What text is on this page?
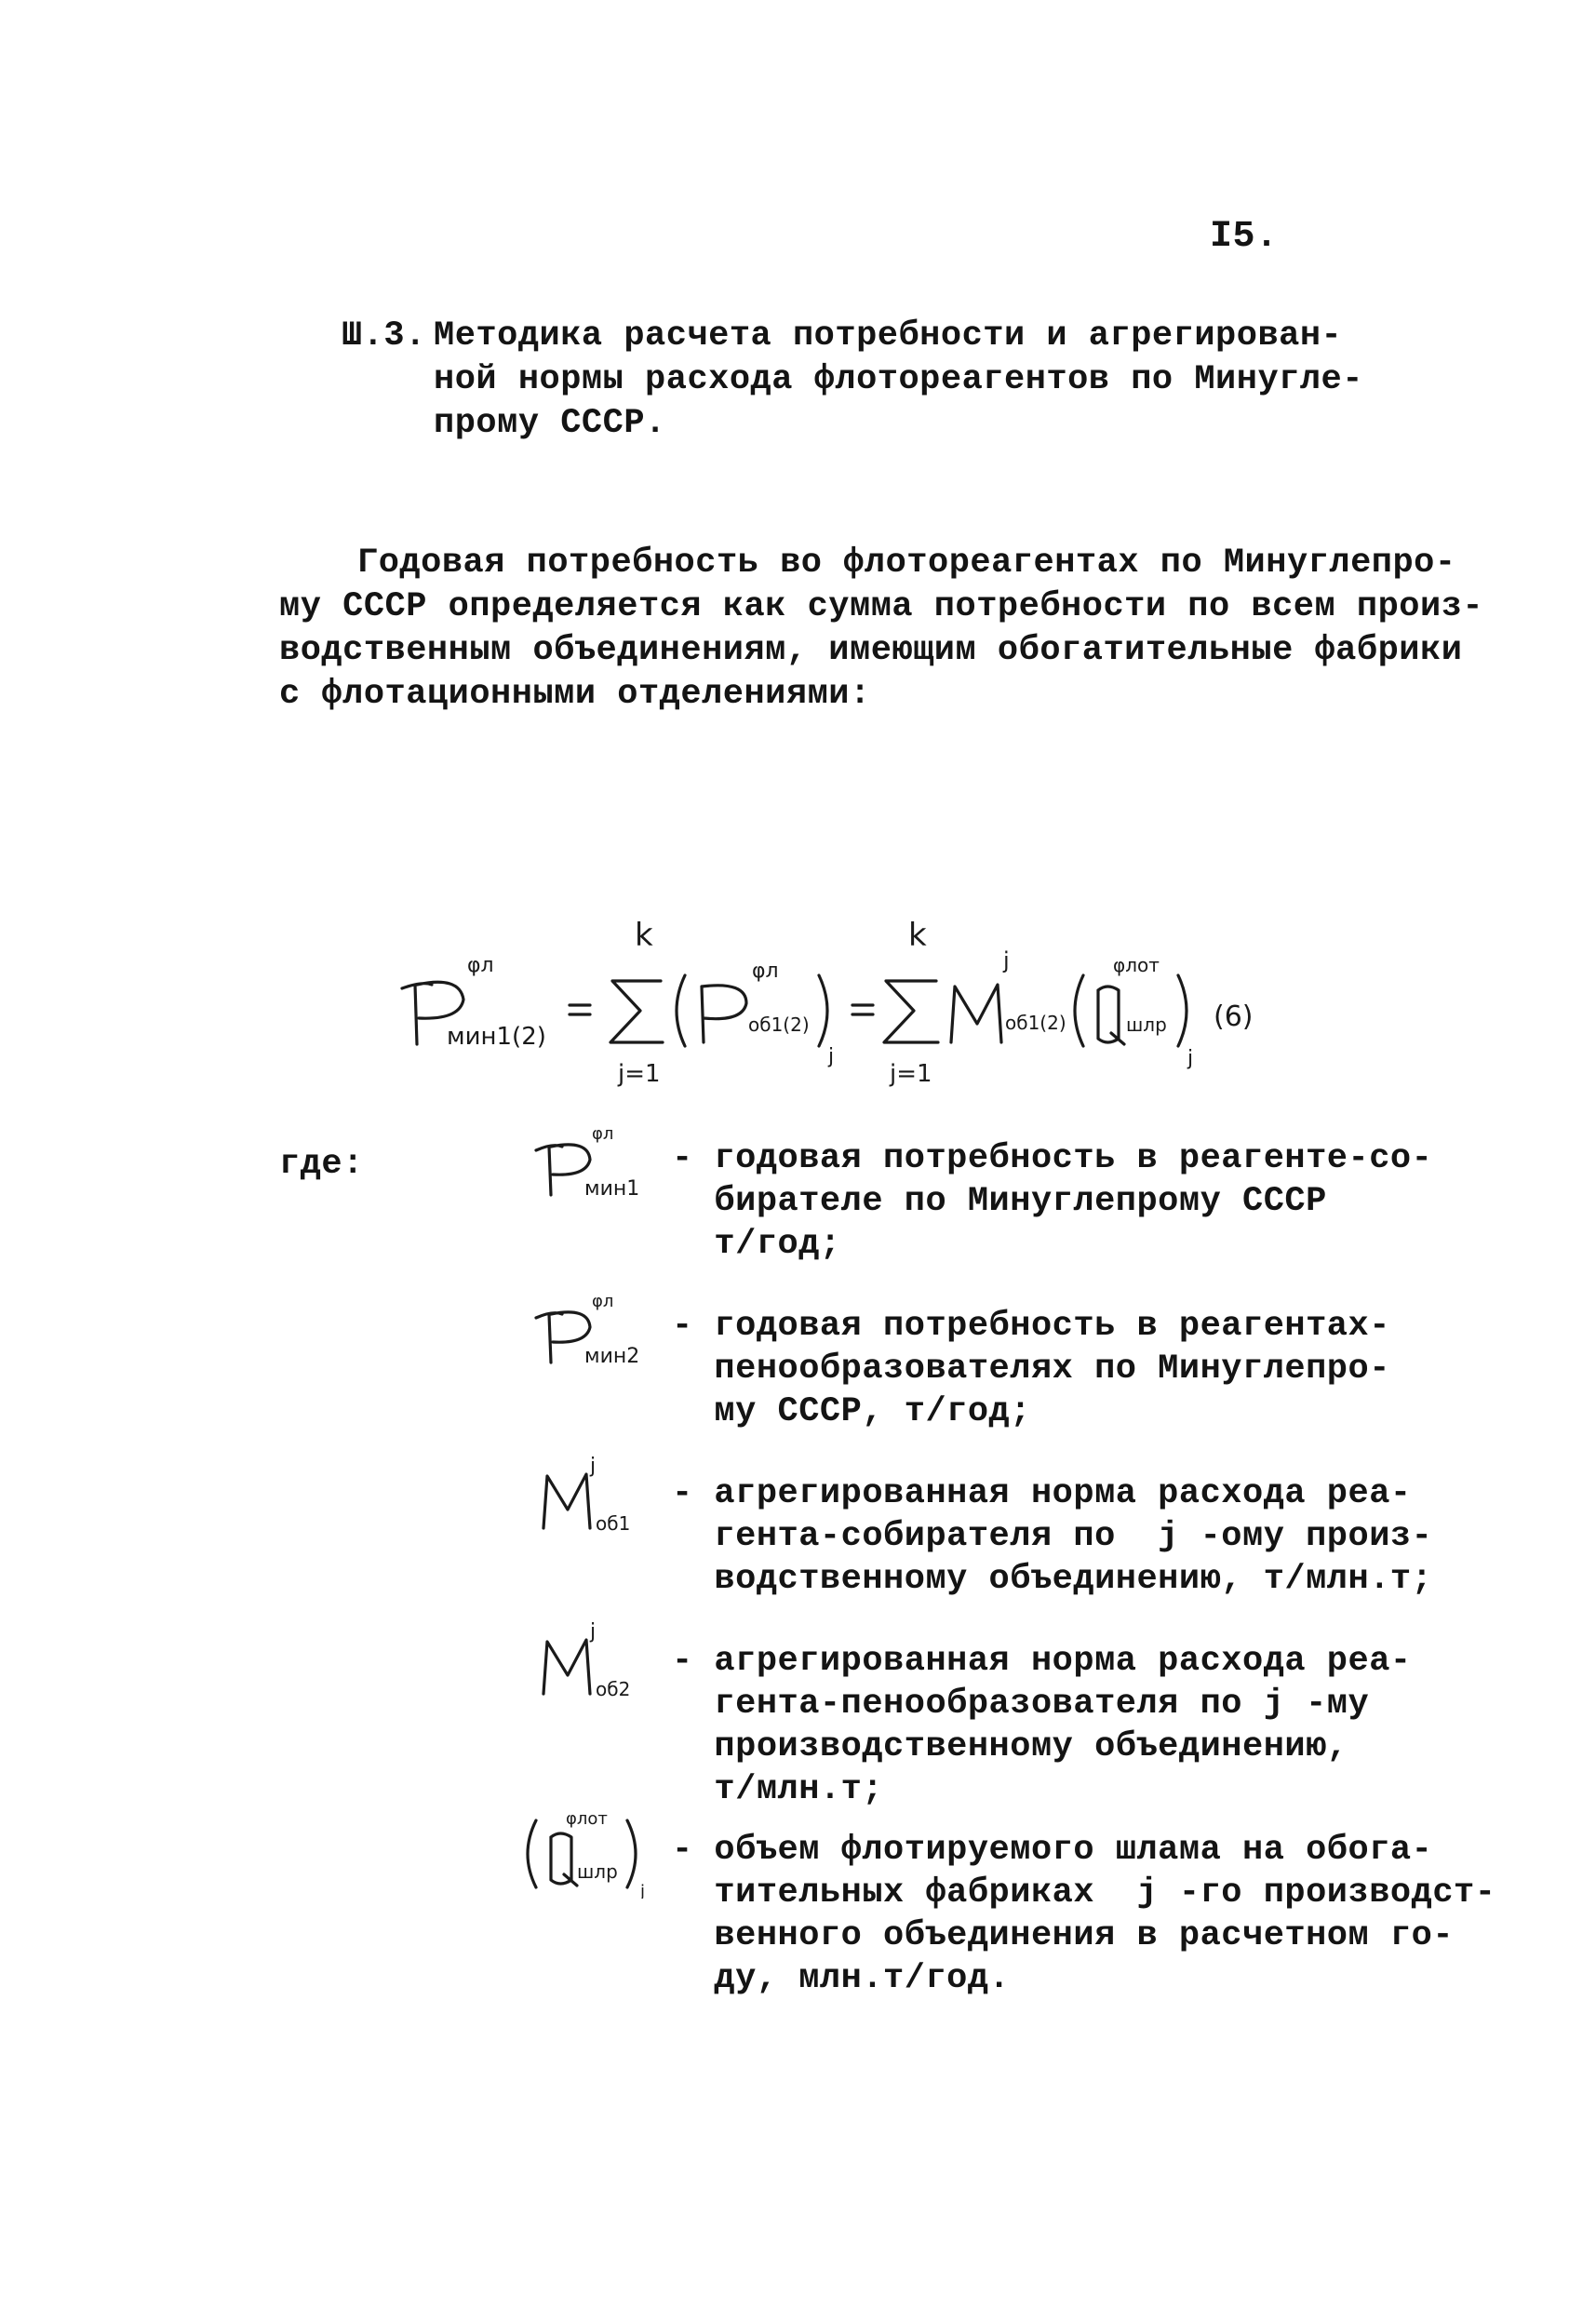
I5.
Ш.3. Методика расчета потребности и агрегирован-
ной нормы расхода флотореагентов по Минугле-
прому СССР.
Годовая потребность во флотореагентах по Минуглепро-
му СССР определяется как сумма потребности по всем произ-
водственным объединениям, имеющим обогатительные фабрики
с флотационными отделениями:
φл
мин1(2)
k
j=1
φл
об1(2)
j
k
j=1
j
об1(2)
φлот
шлр
j
(6)
где:
φл
мин1
- годовая потребность в реагенте-со-
бирателе по Минуглепрому СССР
т/год;
φл
мин2
- годовая потребность в реагентах-
пенообразователях по Минуглепро-
му СССР, т/год;
j
об1
- агрегированная норма расхода реа-
гента-собирателя по  j -ому произ-
водственному объединению, т/млн.т;
j
об2
- агрегированная норма расхода реа-
гента-пенообразователя по j -му
производственному объединению,
т/млн.т;
φлот
шлр
j
- объем флотируемого шлама на обога-
тительных фабриках  j -го производст-
венного объединения в расчетном го-
ду, млн.т/год.
